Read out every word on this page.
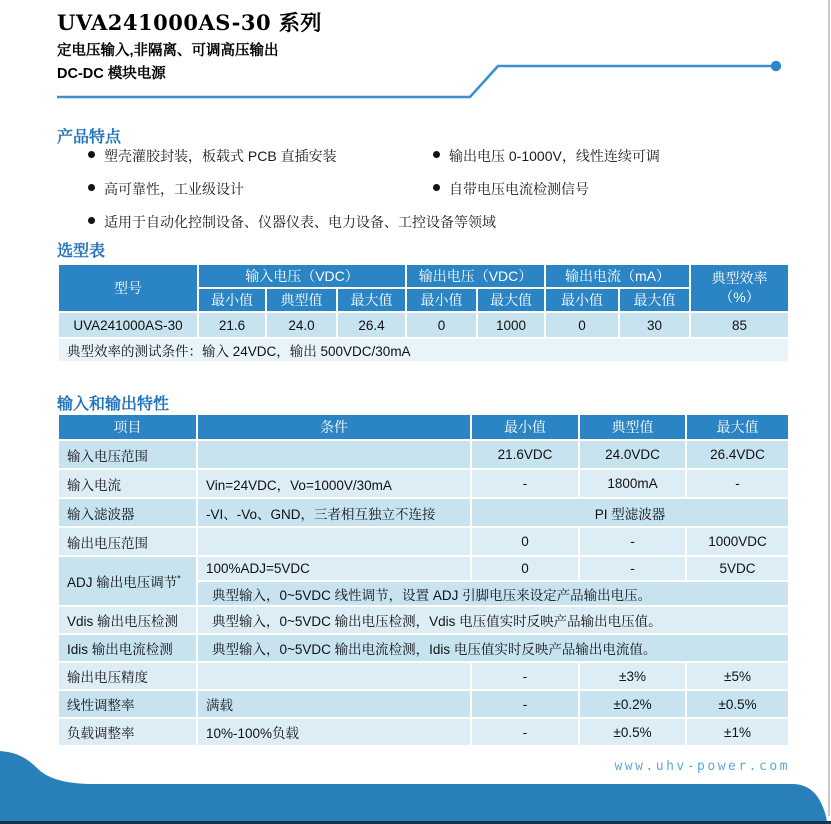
UVA241000AS-30 系列
定电压输入,非隔离、可调高压输出
DC-DC 模块电源
产品特点
塑壳灌胶封装，板载式 PCB 直插安装
高可靠性，工业级设计
适用于自动化控制设备、仪器仪表、电力设备、工控设备等领域
输出电压 0-1000V，线性连续可调
自带电压电流检测信号
选型表
型号	输入电压（VDC）			输出电压（VDC）		输出电流（mA）		典型效率
（%）

	最小值	典型值	最大值	最小值	最大值	最小值	最大值	
UVA241000AS-30	21.6	24.0	26.4	0	1000	0	30	85
典型效率的测试条件：输入 24VDC，输出 500VDC/30mA								
输入和输出特性
项目	条件	最小值	典型值	最大值
输入电压范围		21.6VDC	24.0VDC	26.4VDC
输入电流	Vin=24VDC，Vo=1000V/30mA	-	1800mA	-
输入滤波器	-VI、-Vo、GND，三者相互独立不连接	PI 型滤波器		
输出电压范围		0	-	1000VDC
ADJ 输出电压调节*	100%ADJ=5VDC	0	-	5VDC
	典型输入，0~5VDC 线性调节，设置 ADJ 引脚电压来设定产品输出电压。			
Vdis 输出电压检测	典型输入，0~5VDC 输出电压检测，Vdis 电压值实时反映产品输出电压值。			
Idis 输出电流检测	典型输入，0~5VDC 输出电流检测，Idis 电压值实时反映产品输出电流值。			
输出电压精度		-	±3%	±5%
线性调整率	满载	-	±0.2%	±0.5%
负载调整率	10%-100%负载	-	±0.5%	±1%
www.uhv-power.com
